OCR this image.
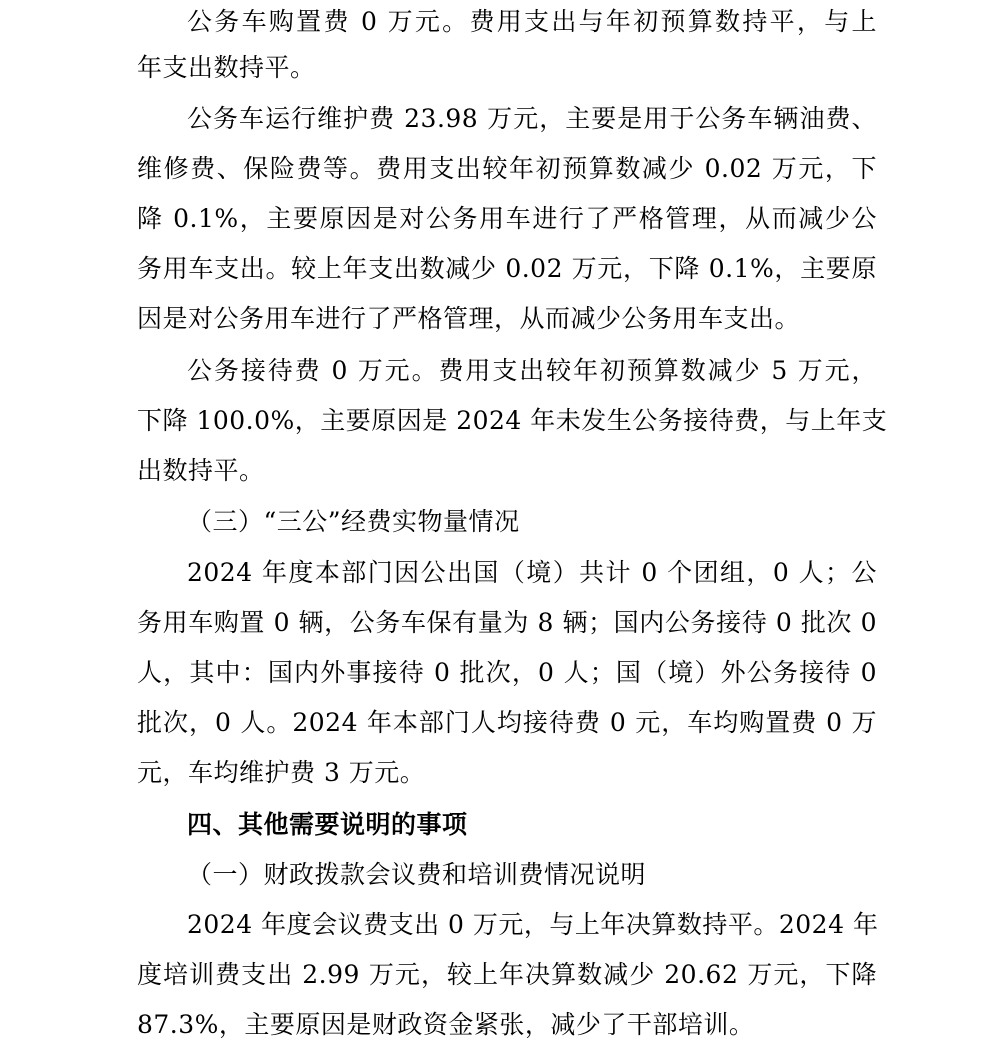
公务车购置费 0 万元。费用支出与年初预算数持平，与上
年支出数持平。
公务车运行维护费 23.98 万元，主要是用于公务车辆油费、
维修费、保险费等。费用支出较年初预算数减少 0.02 万元，下
降 0.1%，主要原因是对公务用车进行了严格管理，从而减少公
务用车支出。较上年支出数减少 0.02 万元，下降 0.1%，主要原
因是对公务用车进行了严格管理，从而减少公务用车支出。
公务接待费 0 万元。费用支出较年初预算数减少 5 万元，
下降 100.0%，主要原因是 2024 年未发生公务接待费，与上年支
出数持平。
（三）“三公”经费实物量情况
2024 年度本部门因公出国（境）共计 0 个团组，0 人；公
务用车购置 0 辆，公务车保有量为 8 辆；国内公务接待 0 批次 0
人，其中：国内外事接待 0 批次，0 人；国（境）外公务接待 0
批次，0 人。2024 年本部门人均接待费 0 元，车均购置费 0 万
元，车均维护费 3 万元。
四、其他需要说明的事项
（一）财政拨款会议费和培训费情况说明
2024 年度会议费支出 0 万元，与上年决算数持平。2024 年
度培训费支出 2.99 万元，较上年决算数减少 20.62 万元，下降
87.3%，主要原因是财政资金紧张，减少了干部培训。
